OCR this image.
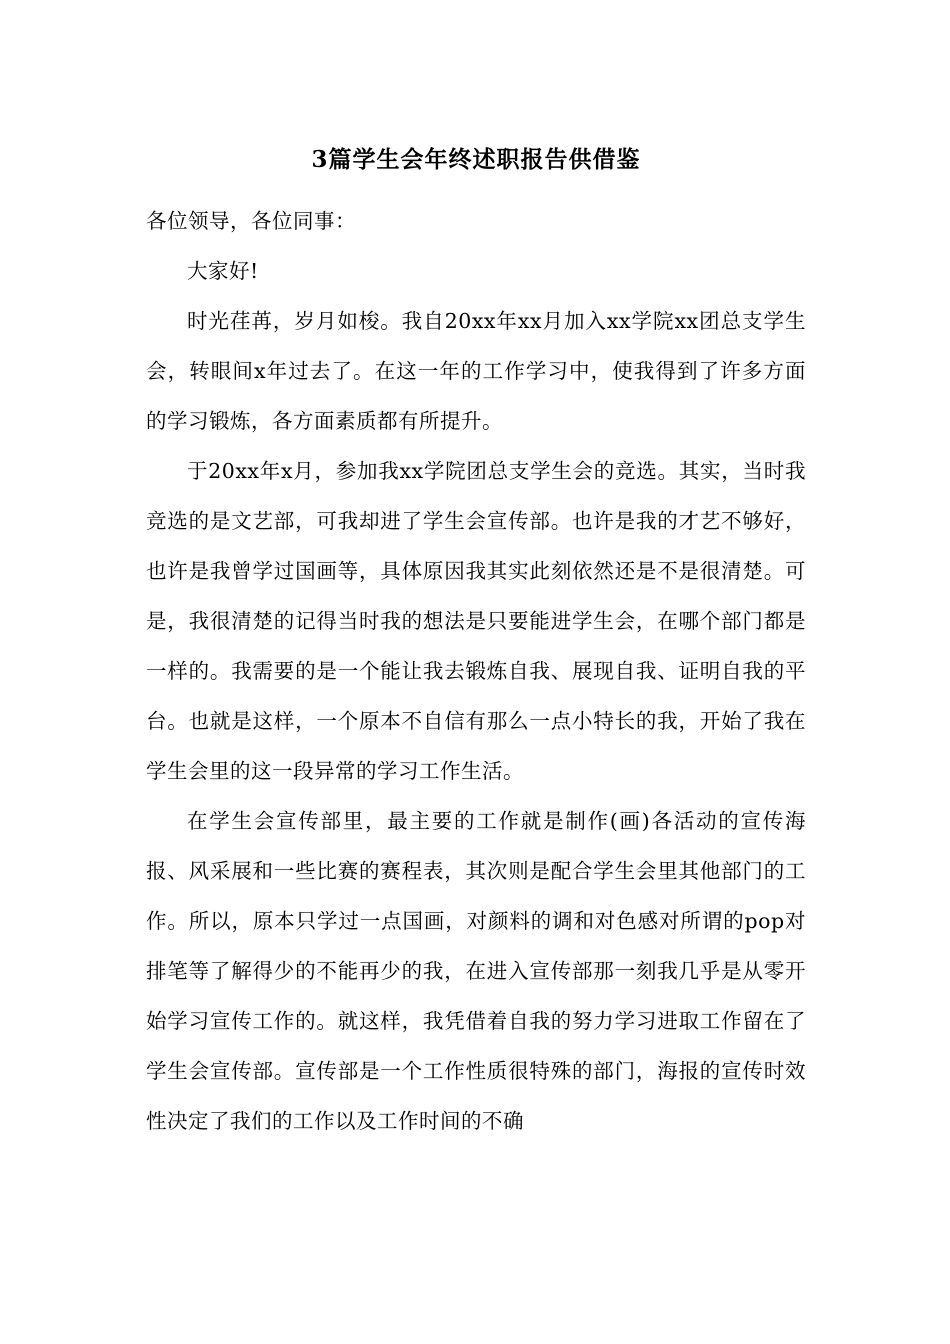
3篇学生会年终述职报告供借鉴

各位领导，各位同事：

大家好!

时光荏苒，岁月如梭。我自20xx年xx月加入xx学院xx团总支学生会，转眼间x年过去了。在这一年的工作学习中，使我得到了许多方面的学习锻炼，各方面素质都有所提升。

于20xx年x月，参加我xx学院团总支学生会的竞选。其实，当时我竞选的是文艺部，可我却进了学生会宣传部。也许是我的才艺不够好，也许是我曾学过国画等，具体原因我其实此刻依然还是不是很清楚。可是，我很清楚的记得当时我的想法是只要能进学生会，在哪个部门都是一样的。我需要的是一个能让我去锻炼自我、展现自我、证明自我的平台。也就是这样，一个原本不自信有那么一点小特长的我，开始了我在学生会里的这一段异常的学习工作生活。

在学生会宣传部里，最主要的工作就是制作(画)各活动的宣传海报、风采展和一些比赛的赛程表，其次则是配合学生会里其他部门的工作。所以，原本只学过一点国画，对颜料的调和对色感对所谓的pop对排笔等了解得少的不能再少的我，在进入宣传部那一刻我几乎是从零开始学习宣传工作的。就这样，我凭借着自我的努力学习进取工作留在了学生会宣传部。宣传部是一个工作性质很特殊的部门，海报的宣传时效性决定了我们的工作以及工作时间的不确
